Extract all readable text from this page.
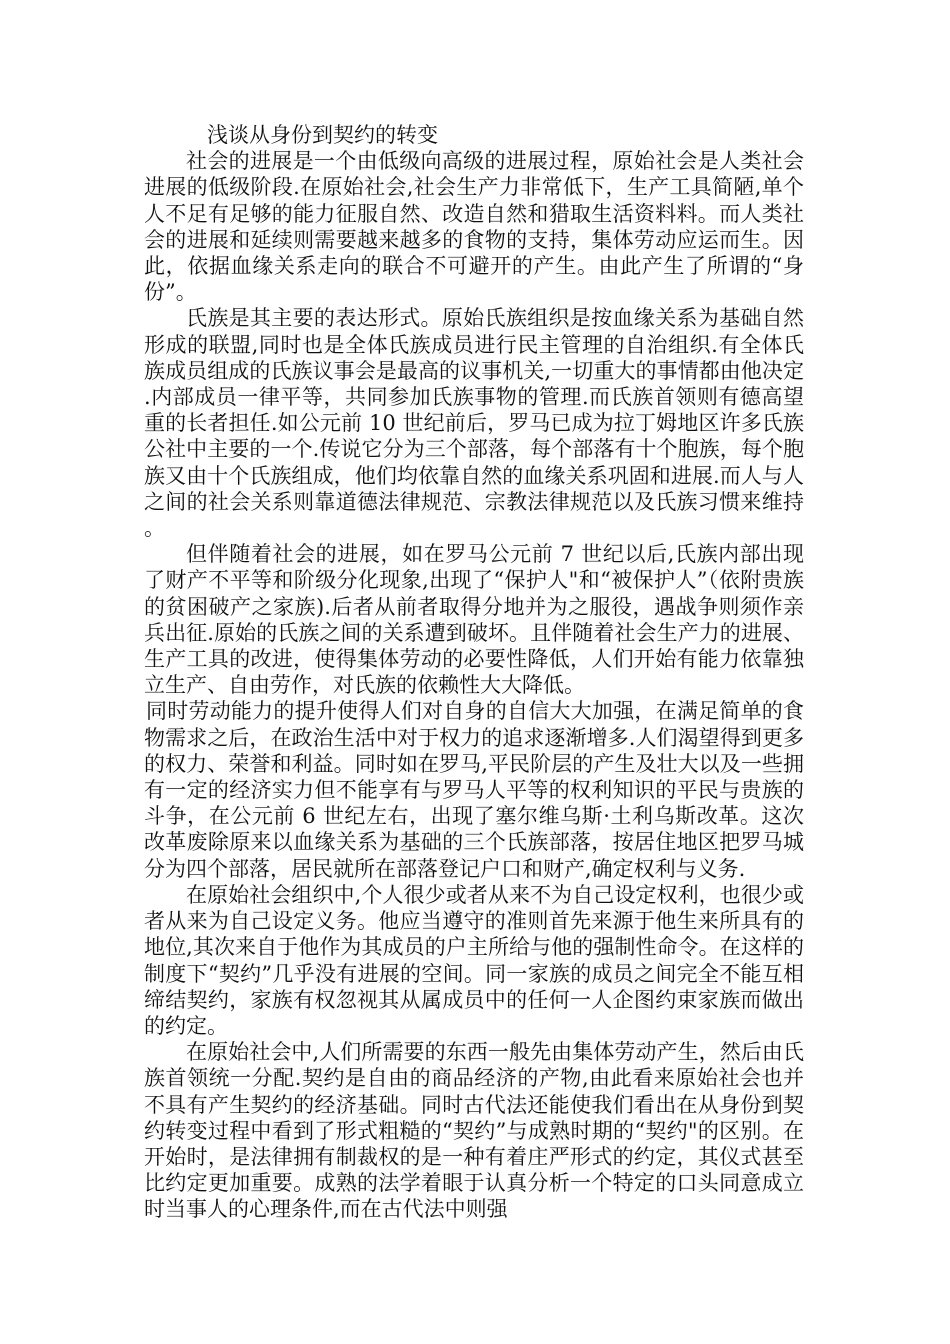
浅谈从身份到契约的转变

社会的进展是一个由低级向高级的进展过程，原始社会是人类社会进展的低级阶段.在原始社会,社会生产力非常低下，生产工具简陋,单个人不足有足够的能力征服自然、改造自然和猎取生活资料料。而人类社会的进展和延续则需要越来越多的食物的支持，集体劳动应运而生。因此，依据血缘关系走向的联合不可避开的产生。由此产生了所谓的“身份”。

氏族是其主要的表达形式。原始氏族组织是按血缘关系为基础自然形成的联盟,同时也是全体氏族成员进行民主管理的自治组织.有全体氏族成员组成的氏族议事会是最高的议事机关,一切重大的事情都由他决定.内部成员一律平等，共同参加氏族事物的管理.而氏族首领则有德高望重的长者担任.如公元前 10 世纪前后，罗马已成为拉丁姆地区许多氏族公社中主要的一个.传说它分为三个部落，每个部落有十个胞族，每个胞族又由十个氏族组成，他们均依靠自然的血缘关系巩固和进展.而人与人之间的社会关系则靠道德法律规范、宗教法律规范以及氏族习惯来维持。

但伴随着社会的进展，如在罗马公元前 7 世纪以后,氏族内部出现了财产不平等和阶级分化现象,出现了“保护人"和“被保护人”（依附贵族的贫困破产之家族).后者从前者取得分地并为之服役，遇战争则须作亲兵出征.原始的氏族之间的关系遭到破坏。且伴随着社会生产力的进展、生产工具的改进，使得集体劳动的必要性降低，人们开始有能力依靠独立生产、自由劳作，对氏族的依赖性大大降低。

同时劳动能力的提升使得人们对自身的自信大大加强，在满足简单的食物需求之后，在政治生活中对于权力的追求逐渐增多.人们渴望得到更多的权力、荣誉和利益。同时如在罗马,平民阶层的产生及壮大以及一些拥有一定的经济实力但不能享有与罗马人平等的权利知识的平民与贵族的斗争，在公元前 6 世纪左右，出现了塞尔维乌斯·土利乌斯改革。这次改革废除原来以血缘关系为基础的三个氏族部落，按居住地区把罗马城分为四个部落，居民就所在部落登记户口和财产,确定权利与义务.

在原始社会组织中,个人很少或者从来不为自己设定权利，也很少或者从来为自己设定义务。他应当遵守的准则首先来源于他生来所具有的地位,其次来自于他作为其成员的户主所给与他的强制性命令。在这样的制度下“契约”几乎没有进展的空间。同一家族的成员之间完全不能互相缔结契约，家族有权忽视其从属成员中的任何一人企图约束家族而做出的约定。

在原始社会中,人们所需要的东西一般先由集体劳动产生，然后由氏族首领统一分配.契约是自由的商品经济的产物,由此看来原始社会也并不具有产生契约的经济基础。同时古代法还能使我们看出在从身份到契约转变过程中看到了形式粗糙的“契约”与成熟时期的“契约"的区别。在开始时，是法律拥有制裁权的是一种有着庄严形式的约定，其仪式甚至比约定更加重要。成熟的法学着眼于认真分析一个特定的口头同意成立时当事人的心理条件,而在古代法中则强
